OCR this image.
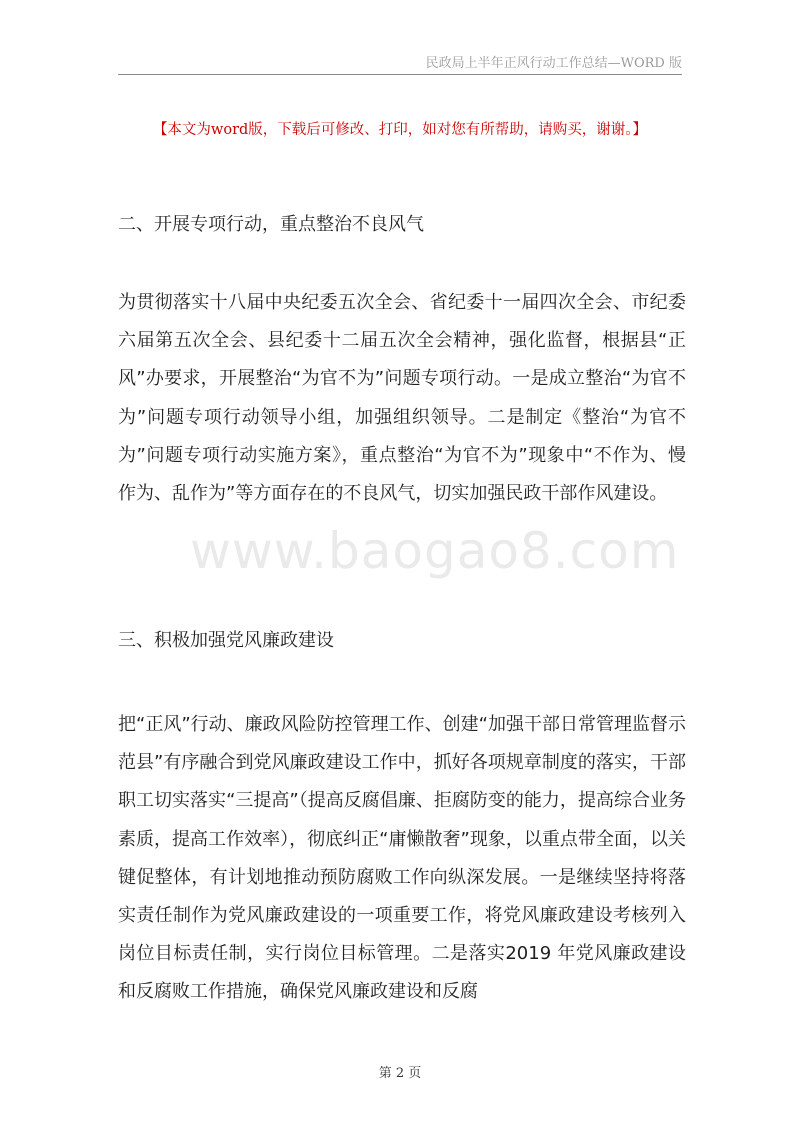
民政局上半年正风行动工作总结—WORD 版
【本文为word版，下载后可修改、打印，如对您有所帮助，请购买，谢谢。】
二、开展专项行动，重点整治不良风气

为贯彻落实十八届中央纪委五次全会、省纪委十一届四次全会、市纪委六届第五次全会、县纪委十二届五次全会精神，强化监督，根据县“正风”办要求，开展整治“为官不为”问题专项行动。一是成立整治“为官不为”问题专项行动领导小组，加强组织领导。二是制定《整治“为官不为”问题专项行动实施方案》，重点整治“为官不为”现象中“不作为、慢作为、乱作为”等方面存在的不良风气，切实加强民政干部作风建设。

www.baogao8.com
三、积极加强党风廉政建设

把“正风”行动、廉政风险防控管理工作、创建“加强干部日常管理监督示范县”有序融合到党风廉政建设工作中，抓好各项规章制度的落实，干部职工切实落实“三提高”（提高反腐倡廉、拒腐防变的能力，提高综合业务素质，提高工作效率），彻底纠正“庸懒散奢”现象，以重点带全面，以关键促整体，有计划地推动预防腐败工作向纵深发展。一是继续坚持将落实责任制作为党风廉政建设的一项重要工作，将党风廉政建设考核列入岗位目标责任制，实行岗位目标管理。二是落实2019 年党风廉政建设和反腐败工作措施，确保党风廉政建设和反腐

第 2 页
